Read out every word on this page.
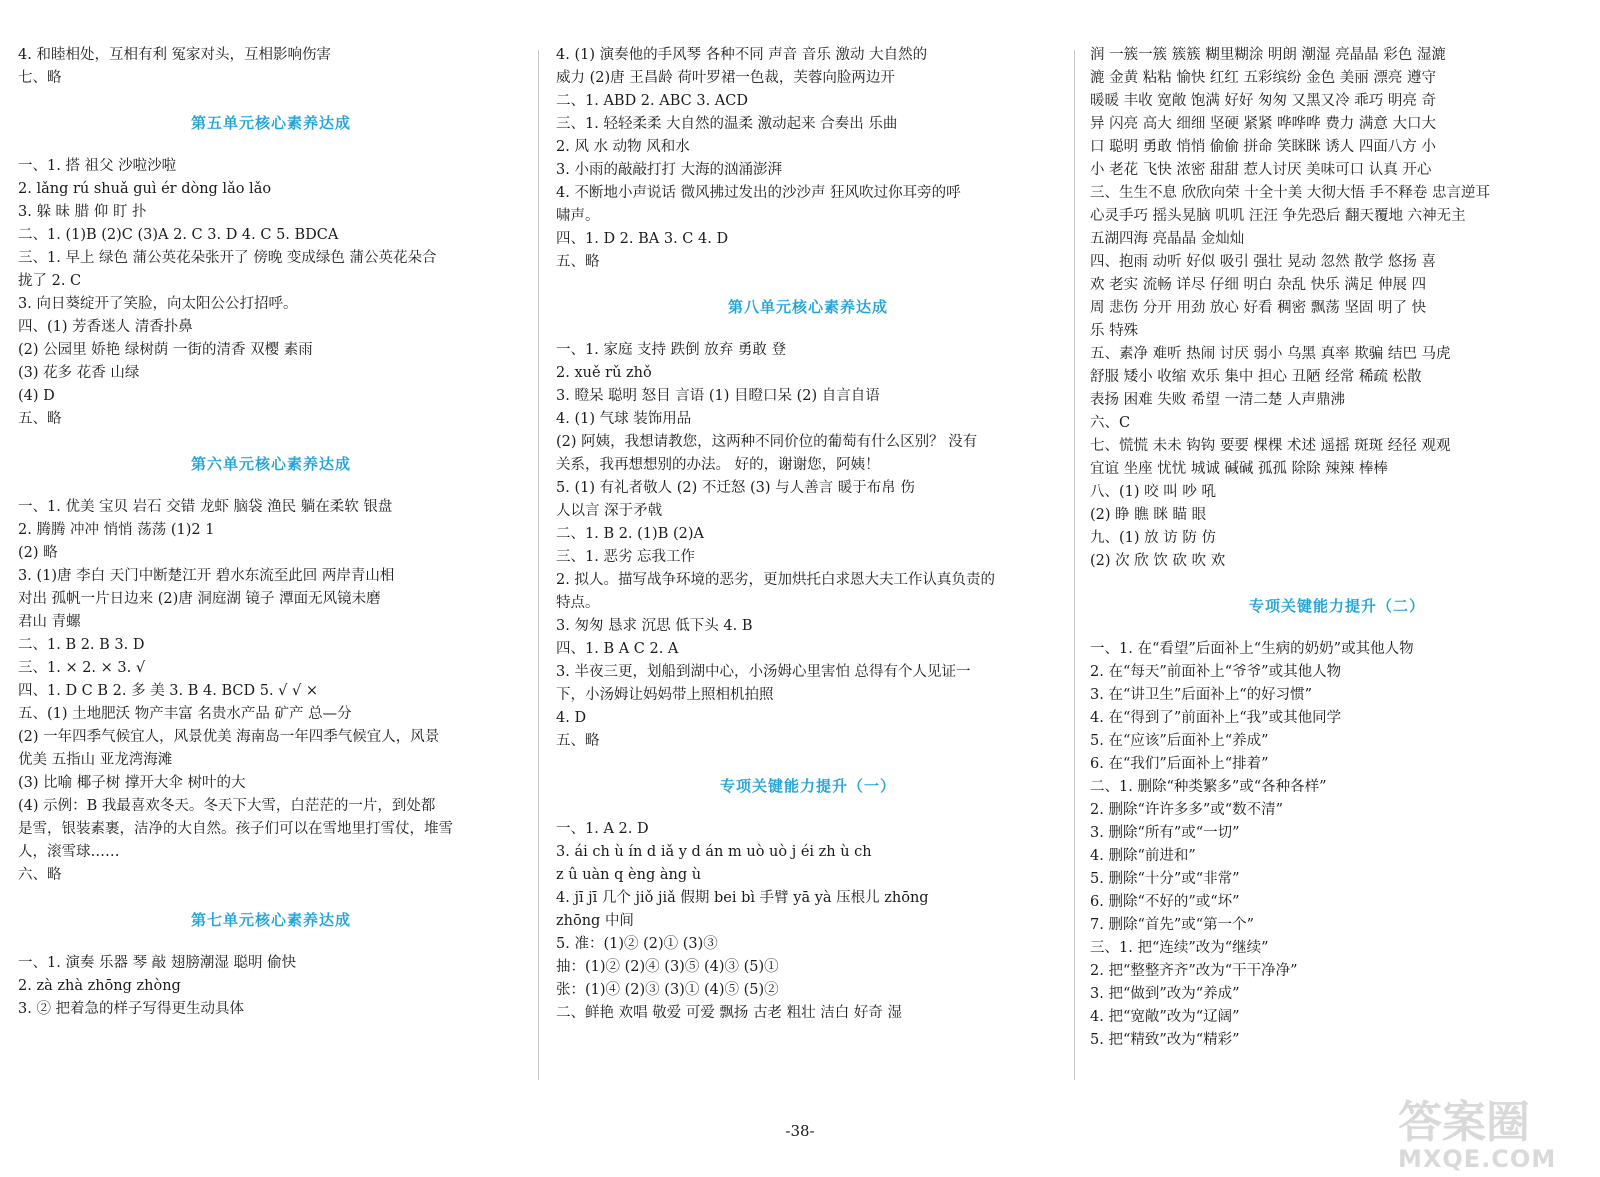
4. 和睦相处，互相有利 冤家对头，互相影响伤害
七、略
第五单元核心素养达成
一、1. 搭 祖父 沙啦沙啦
2. lǎng rú shuǎ guì ér dòng lǎo lǎo
3. 躲 昧 腊 仰 盯 扑
二、1. (1)B (2)C (3)A 2. C 3. D 4. C 5. BDCA
三、1. 早上 绿色 蒲公英花朵张开了 傍晚 变成绿色 蒲公英花朵合
拢了 2. C
3. 向日葵绽开了笑脸，向太阳公公打招呼。
四、(1) 芳香迷人 清香扑鼻
(2) 公园里 娇艳 绿树荫 一街的清香 双樱 素雨
(3) 花多 花香 山绿
(4) D
五、略
第六单元核心素养达成
一、1. 优美 宝贝 岩石 交错 龙虾 脑袋 渔民 躺在柔软 银盘
2. 腾腾 冲冲 悄悄 荡荡 (1)2 1
(2) 略
3. (1)唐 李白 天门中断楚江开 碧水东流至此回 两岸青山相
对出 孤帆一片日边来 (2)唐 洞庭湖 镜子 潭面无风镜未磨
君山 青螺
二、1. B 2. B 3. D
三、1. × 2. × 3. √
四、1. D C B 2. 多 美 3. B 4. BCD 5. √ √ ×
五、(1) 土地肥沃 物产丰富 名贵水产品 矿产 总—分
(2) 一年四季气候宜人，风景优美 海南岛一年四季气候宜人，风景
优美 五指山 亚龙湾海滩
(3) 比喻 椰子树 撑开大伞 树叶的大
(4) 示例：B 我最喜欢冬天。冬天下大雪，白茫茫的一片，到处都
是雪，银装素裹，洁净的大自然。孩子们可以在雪地里打雪仗，堆雪
人，滚雪球……
六、略
第七单元核心素养达成
一、1. 演奏 乐器 琴 敲 翅膀潮湿 聪明 偷快
2. zà zhà zhōng zhòng
3. ② 把着急的样子写得更生动具体
4. (1) 演奏他的手风琴 各种不同 声音 音乐 激动 大自然的
威力 (2)唐 王昌龄 荷叶罗裙一色裁，芙蓉向脸两边开
二、1. ABD 2. ABC 3. ACD
三、1. 轻轻柔柔 大自然的温柔 激动起来 合奏出 乐曲
2. 风 水 动物 风和水
3. 小雨的敲敲打打 大海的汹涌澎湃
4. 不断地小声说话 微风拂过发出的沙沙声 狂风吹过你耳旁的呼
啸声。
四、1. D 2. BA 3. C 4. D
五、略
第八单元核心素养达成
一、1. 家庭 支持 跌倒 放弃 勇敢 登
2. xuě rǔ zhǒ
3. 瞪呆 聪明 怒目 言语 (1) 目瞪口呆 (2) 自言自语
4. (1) 气球 装饰用品
(2) 阿姨，我想请教您，这两种不同价位的葡萄有什么区别？ 没有
关系，我再想想别的办法。 好的，谢谢您，阿姨！
5. (1) 有礼者敬人 (2) 不迁怒 (3) 与人善言 暖于布帛 伤
人以言 深于矛戟
二、1. B 2. (1)B (2)A
三、1. 恶劣 忘我工作
2. 拟人。描写战争环境的恶劣，更加烘托白求恩大夫工作认真负责的
特点。
3. 匆匆 恳求 沉思 低下头 4. B
四、1. B A C 2. A
3. 半夜三更，划船到湖中心，小汤姆心里害怕 总得有个人见证一
下，小汤姆让妈妈带上照相机拍照
4. D
五、略
专项关键能力提升（一）
一、1. A 2. D
3. ái ch ù ín d iǎ y d án m uò uò j éi zh ù ch
z û uàn q èng àng ù
4. jī jī 几个 jiǒ jiǎ 假期 bei bì 手臂 yā yà 压根儿 zhōng
zhōng 中间
5. 准：(1)② (2)① (3)③
抽：(1)② (2)④ (3)⑤ (4)③ (5)①
张：(1)④ (2)③ (3)① (4)⑤ (5)②
二、鲜艳 欢唱 敬爱 可爱 飘扬 古老 粗壮 洁白 好奇 湿
润 一簇一簇 簇簇 糊里糊涂 明朗 潮湿 亮晶晶 彩色 湿漉
漉 金黄 粘粘 愉快 红红 五彩缤纷 金色 美丽 漂亮 遵守
暖暖 丰收 宽敞 饱满 好好 匆匆 又黑又冷 乖巧 明亮 奇
异 闪亮 高大 细细 坚硬 紧紧 哗哗哗 费力 满意 大口大
口 聪明 勇敢 悄悄 偷偷 拼命 笑眯眯 诱人 四面八方 小
小 老花 飞快 浓密 甜甜 惹人讨厌 美味可口 认真 开心
三、生生不息 欣欣向荣 十全十美 大彻大悟 手不释卷 忠言逆耳
心灵手巧 摇头晃脑 叽叽 汪汪 争先恐后 翻天覆地 六神无主
五湖四海 亮晶晶 金灿灿
四、抱雨 动听 好似 吸引 强壮 晃动 忽然 散学 悠扬 喜
欢 老实 流畅 详尽 仔细 明白 杂乱 快乐 满足 伸展 四
周 悲伤 分开 用劲 放心 好看 稠密 飘荡 坚固 明了 快
乐 特殊
五、素净 难听 热闹 讨厌 弱小 乌黑 真率 欺骗 结巴 马虎
舒服 矮小 收缩 欢乐 集中 担心 丑陋 经常 稀疏 松散
表扬 困难 失败 希望 一清二楚 人声鼎沸
六、C
七、慌慌 未未 钩钩 要要 棵棵 术述 遥摇 斑斑 经径 观观
宜谊 坐座 忧忧 城诚 碱碱 孤孤 除除 辣辣 棒棒
八、(1) 咬 叫 吵 吼
(2) 睁 瞧 眯 瞄 眼
九、(1) 放 访 防 仿
(2) 次 欣 饮 砍 吹 欢
专项关键能力提升（二）
一、1. 在“看望”后面补上“生病的奶奶”或其他人物
2. 在“每天”前面补上“爷爷”或其他人物
3. 在“讲卫生”后面补上“的好习惯”
4. 在“得到了”前面补上“我”或其他同学
5. 在“应该”后面补上“养成”
6. 在“我们”后面补上“排着”
二、1. 删除“种类繁多”或“各种各样”
2. 删除“许许多多”或“数不清”
3. 删除“所有”或“一切”
4. 删除“前进和”
5. 删除“十分”或“非常”
6. 删除“不好的”或“坏”
7. 删除“首先”或“第一个”
三、1. 把“连续”改为“继续”
2. 把“整整齐齐”改为“干干净净”
3. 把“做到”改为“养成”
4. 把“宽敞”改为“辽阔”
5. 把“精致”改为“精彩”
-38-	答案圈
MXQE.COM
